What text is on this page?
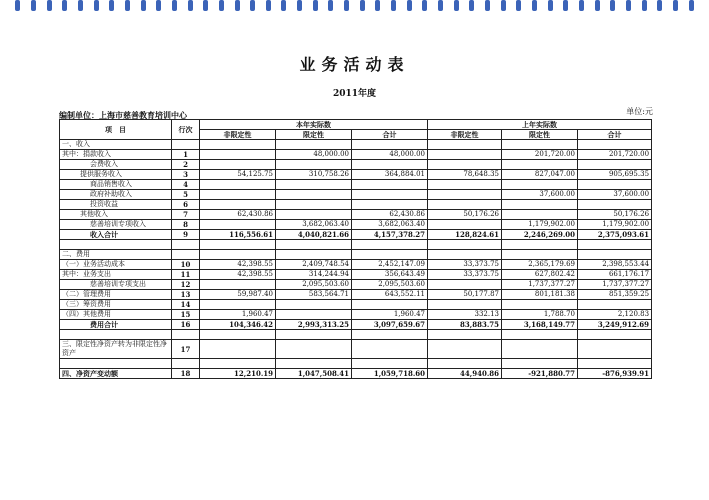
业务活动表
2011年度
编制单位：上海市慈善教育培训中心	单位:元
项　目	行次	本年实际数			上年实际数		
		非限定性	限定性	合计	非限定性	限定性	合计
一、收入							
其中：捐款收入	1		48,000.00	48,000.00		201,720.00	201,720.00
会费收入	2						
提供服务收入	3	54,125.75	310,758.26	364,884.01	78,648.35	827,047.00	905,695.35
商品销售收入	4						
政府补助收入	5					37,600.00	37,600.00
投资收益	6						
其他收入	7	62,430.86		62,430.86	50,176.26		50,176.26
慈善培训专项收入	8		3,682,063.40	3,682,063.40		1,179,902.00	1,179,902.00
收入合计	9	116,556.61	4,040,821.66	4,157,378.27	128,824.61	2,246,269.00	2,375,093.61

二、费用							
（一）业务活动成本	10	42,398.55	2,409,748.54	2,452,147.09	33,373.75	2,365,179.69	2,398,553.44
其中：业务支出	11	42,398.55	314,244.94	356,643.49	33,373.75	627,802.42	661,176.17
慈善培训专项支出	12		2,095,503.60	2,095,503.60		1,737,377.27	1,737,377.27
（二）管理费用	13	59,987.40	583,564.71	643,552.11	50,177.87	801,181.38	851,359.25
（三）筹资费用	14						
（四）其他费用	15	1,960.47		1,960.47	332.13	1,788.70	2,120.83
费用合计	16	104,346.42	2,993,313.25	3,097,659.67	83,883.75	3,168,149.77	3,249,912.69

三、限定性净资产转为非限定性净资产	17						

四、净资产变动额	18	12,210.19	1,047,508.41	1,059,718.60	44,940.86	-921,880.77	-876,939.91
